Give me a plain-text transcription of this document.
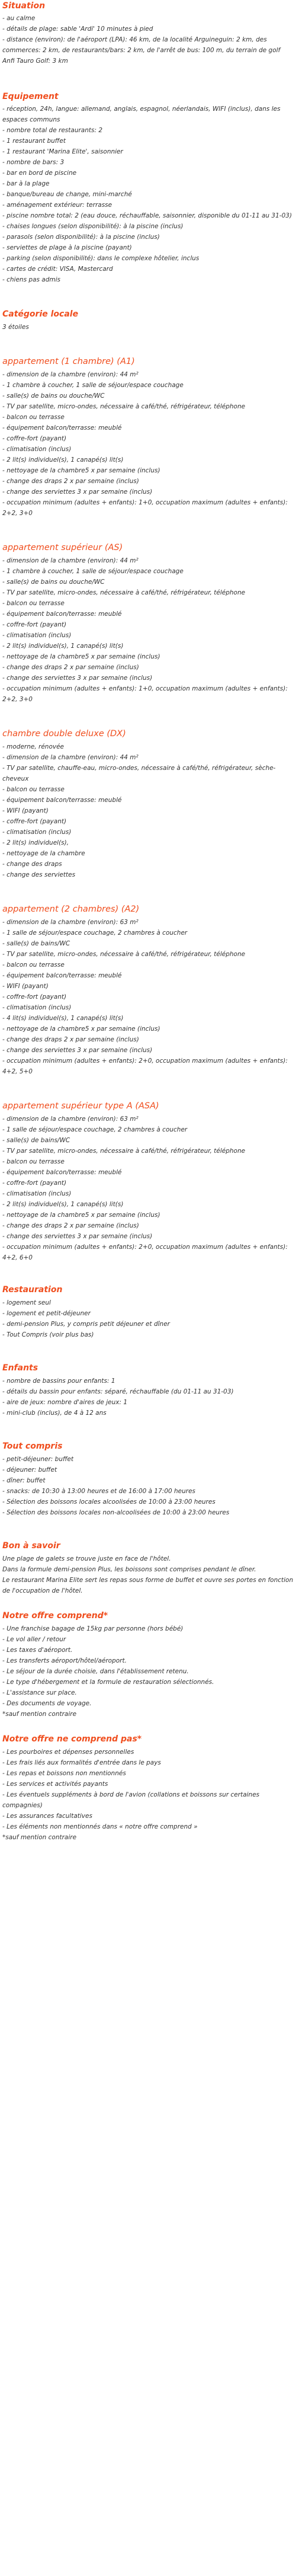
Situation
- au calme
- détails de plage: sable 'Ardi' 10 minutes à pied
- distance (environ): de l'aéroport (LPA): 46 km, de la localité Arguineguin: 2 km, des commerces: 2 km, de restaurants/bars: 2 km, de l'arrêt de bus: 100 m, du terrain de golf Anfi Tauro Golf: 3 km
Equipement
- réception, 24h, langue: allemand, anglais, espagnol, néerlandais, WIFI (inclus), dans les espaces communs
- nombre total de restaurants: 2
- 1 restaurant buffet
- 1 restaurant 'Marina Elite', saisonnier
- nombre de bars: 3
- bar en bord de piscine
- bar à la plage
- banque/bureau de change, mini-marché
- aménagement extérieur: terrasse
- piscine nombre total: 2 (eau douce, réchauffable, saisonnier, disponible du 01-11 au 31-03)
- chaises longues (selon disponibilité): à la piscine (inclus)
- parasols (selon disponibilité): à la piscine (inclus)
- serviettes de plage à la piscine (payant)
- parking (selon disponibilité): dans le complexe hôtelier, inclus
- cartes de crédit: VISA, Mastercard
- chiens pas admis
Catégorie locale

3 étoiles

appartement (1 chambre) (A1)
- dimension de la chambre (environ): 44 m²
- 1 chambre à coucher, 1 salle de séjour/espace couchage
- salle(s) de bains ou douche/WC
- TV par satellite, micro-ondes, nécessaire à café/thé, réfrigérateur, téléphone
- balcon ou terrasse
- équipement balcon/terrasse: meublé
- coffre-fort (payant)
- climatisation (inclus)
- 2 lit(s) individuel(s), 1 canapé(s) lit(s)
- nettoyage de la chambre5 x par semaine (inclus)
- change des draps 2 x par semaine (inclus)
- change des serviettes 3 x par semaine (inclus)
- occupation minimum (adultes + enfants): 1+0, occupation maximum (adultes + enfants): 2+2, 3+0
appartement supérieur (AS)
- dimension de la chambre (environ): 44 m²
- 1 chambre à coucher, 1 salle de séjour/espace couchage
- salle(s) de bains ou douche/WC
- TV par satellite, micro-ondes, nécessaire à café/thé, réfrigérateur, téléphone
- balcon ou terrasse
- équipement balcon/terrasse: meublé
- coffre-fort (payant)
- climatisation (inclus)
- 2 lit(s) individuel(s), 1 canapé(s) lit(s)
- nettoyage de la chambre5 x par semaine (inclus)
- change des draps 2 x par semaine (inclus)
- change des serviettes 3 x par semaine (inclus)
- occupation minimum (adultes + enfants): 1+0, occupation maximum (adultes + enfants): 2+2, 3+0
chambre double deluxe (DX)
- moderne, rénovée
- dimension de la chambre (environ): 44 m²
- TV par satellite, chauffe-eau, micro-ondes, nécessaire à café/thé, réfrigérateur, sèche-cheveux
- balcon ou terrasse
- équipement balcon/terrasse: meublé
- WIFI (payant)
- coffre-fort (payant)
- climatisation (inclus)
- 2 lit(s) individuel(s),
- nettoyage de la chambre
- change des draps
- change des serviettes
appartement (2 chambres) (A2)
- dimension de la chambre (environ): 63 m²
- 1 salle de séjour/espace couchage, 2 chambres à coucher
- salle(s) de bains/WC
- TV par satellite, micro-ondes, nécessaire à café/thé, réfrigérateur, téléphone
- balcon ou terrasse
- équipement balcon/terrasse: meublé
- WIFI (payant)
- coffre-fort (payant)
- climatisation (inclus)
- 4 lit(s) individuel(s), 1 canapé(s) lit(s)
- nettoyage de la chambre5 x par semaine (inclus)
- change des draps 2 x par semaine (inclus)
- change des serviettes 3 x par semaine (inclus)
- occupation minimum (adultes + enfants): 2+0, occupation maximum (adultes + enfants): 4+2, 5+0
appartement supérieur type A (ASA)
- dimension de la chambre (environ): 63 m²
- 1 salle de séjour/espace couchage, 2 chambres à coucher
- salle(s) de bains/WC
- TV par satellite, micro-ondes, nécessaire à café/thé, réfrigérateur, téléphone
- balcon ou terrasse
- équipement balcon/terrasse: meublé
- coffre-fort (payant)
- climatisation (inclus)
- 2 lit(s) individuel(s), 1 canapé(s) lit(s)
- nettoyage de la chambre5 x par semaine (inclus)
- change des draps 2 x par semaine (inclus)
- change des serviettes 3 x par semaine (inclus)
- occupation minimum (adultes + enfants): 2+0, occupation maximum (adultes + enfants): 4+2, 6+0
Restauration
- logement seul
- logement et petit-déjeuner
- demi-pension Plus, y compris petit déjeuner et dîner
- Tout Compris (voir plus bas)
Enfants
- nombre de bassins pour enfants: 1
- détails du bassin pour enfants: séparé, réchauffable (du 01-11 au 31-03)
- aire de jeux: nombre d'aires de jeux: 1
- mini-club (inclus), de 4 à 12 ans
Tout compris
- petit-déjeuner: buffet
- déjeuner: buffet
- dîner: buffet
- snacks: de 10:30 à 13:00 heures et de 16:00 à 17:00 heures
- Sélection des boissons locales alcoolisées de 10:00 à 23:00 heures
- Sélection des boissons locales non-alcoolisées de 10:00 à 23:00 heures
Bon à savoir

Une plage de galets se trouve juste en face de l'hôtel.

Dans la formule demi-pension Plus, les boissons sont comprises pendant le dîner.

Le restaurant Marina Elite sert les repas sous forme de buffet et ouvre ses portes en fonction de l'occupation de l'hôtel.

Notre offre comprend*
- Une franchise bagage de 15kg par personne (hors bébé)
- Le vol aller / retour
- Les taxes d'aéroport.
- Les transferts aéroport/hôtel/aéroport.
- Le séjour de la durée choisie, dans l'établissement retenu.
- Le type d'hébergement et la formule de restauration sélectionnés.
- L'assistance sur place.
- Des documents de voyage.
*sauf mention contraire
Notre offre ne comprend pas*
- Les pourboires et dépenses personnelles
- Les frais liés aux formalités d'entrée dans le pays
- Les repas et boissons non mentionnés
- Les services et activités payants
- Les éventuels suppléments à bord de l'avion (collations et boissons sur certaines compagnies)
- Les assurances facultatives
- Les éléments non mentionnés dans « notre offre comprend »
*sauf mention contraire
